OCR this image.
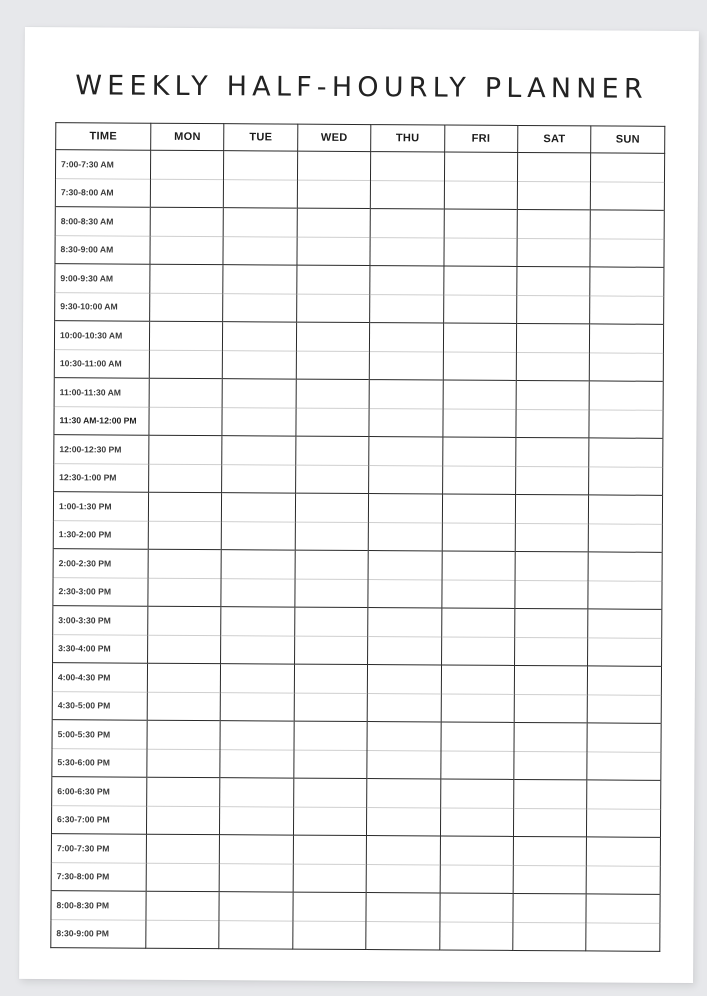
WEEKLY HALF-HOURLY PLANNER
TIME	MON	TUE	WED	THU	FRI	SAT	SUN
7:00-7:30 AM							
7:30-8:00 AM							
8:00-8:30 AM							
8:30-9:00 AM							
9:00-9:30 AM							
9:30-10:00 AM							
10:00-10:30 AM							
10:30-11:00 AM							
11:00-11:30 AM							
11:30 AM-12:00 PM							
12:00-12:30 PM							
12:30-1:00 PM							
1:00-1:30 PM							
1:30-2:00 PM							
2:00-2:30 PM							
2:30-3:00 PM							
3:00-3:30 PM							
3:30-4:00 PM							
4:00-4:30 PM							
4:30-5:00 PM							
5:00-5:30 PM							
5:30-6:00 PM							
6:00-6:30 PM							
6:30-7:00 PM							
7:00-7:30 PM							
7:30-8:00 PM							
8:00-8:30 PM							
8:30-9:00 PM							
